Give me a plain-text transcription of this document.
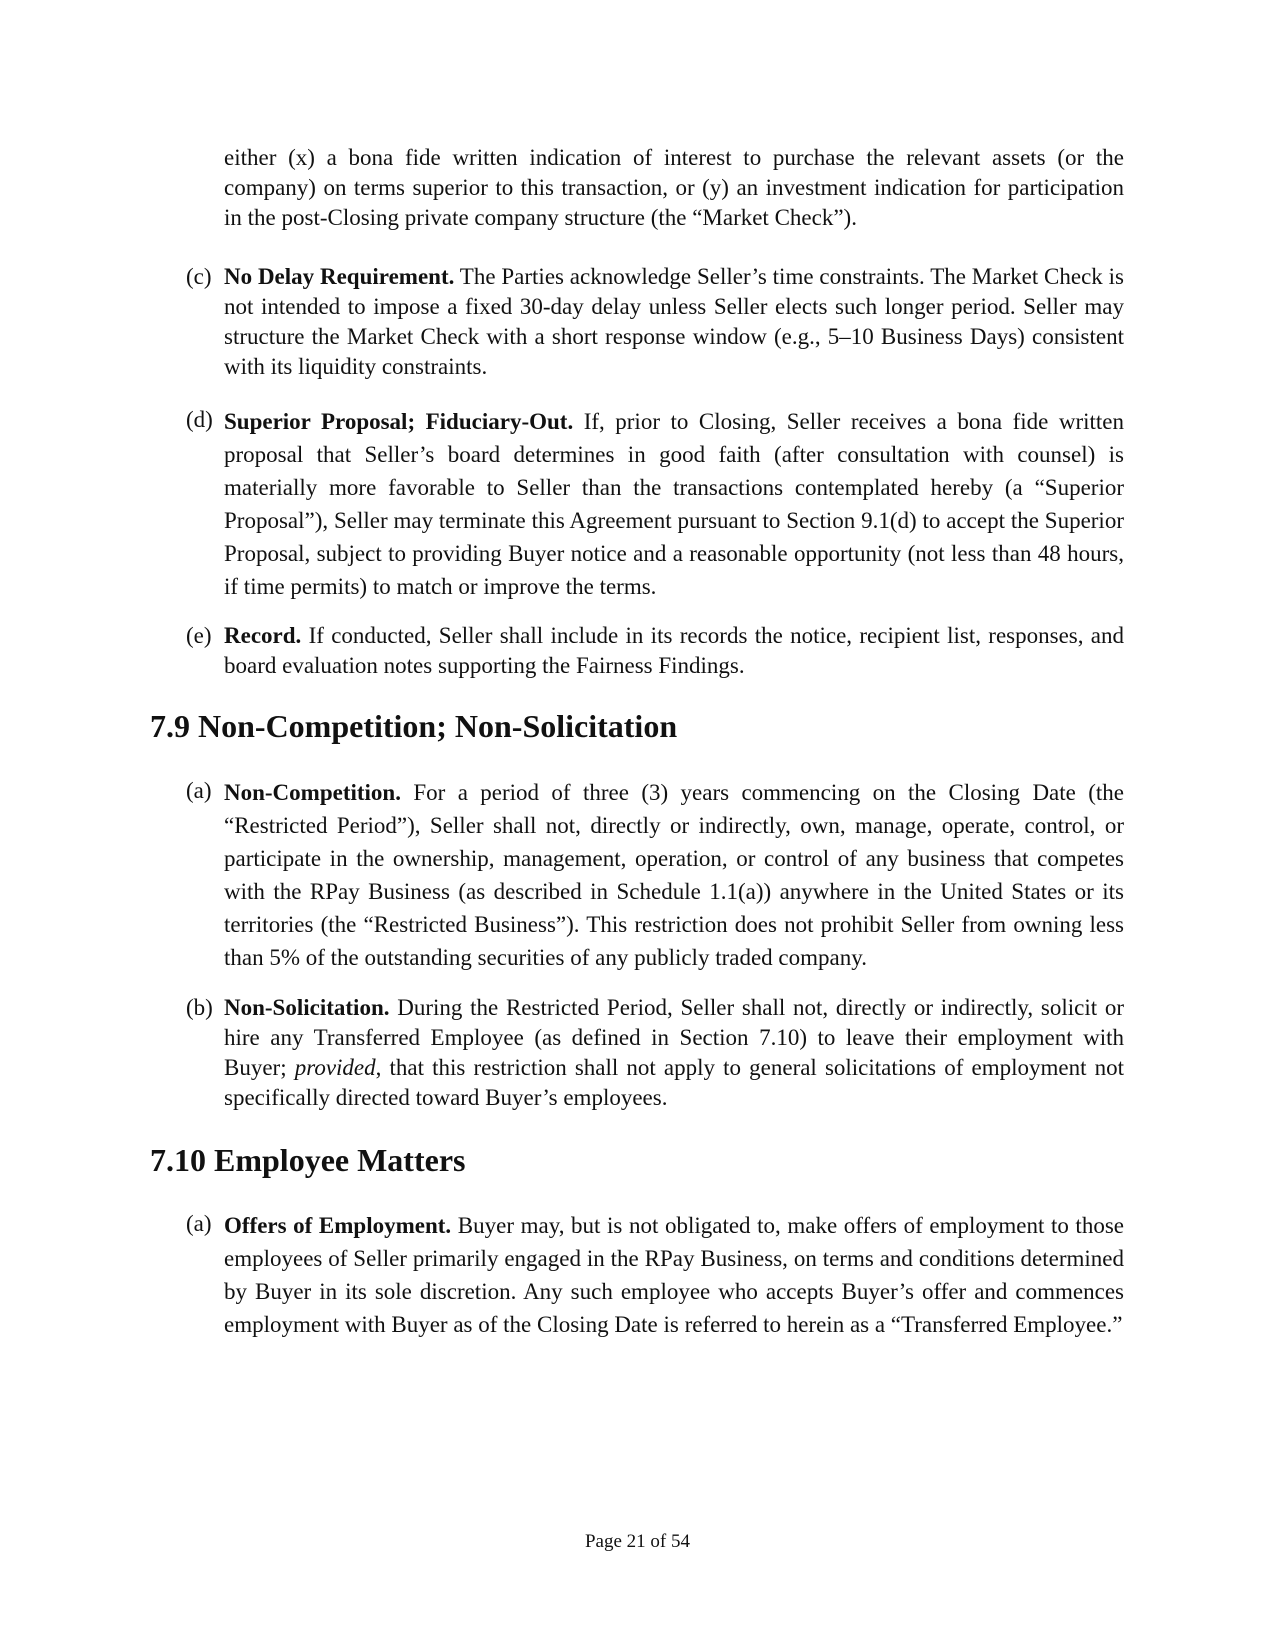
either (x) a bona fide written indication of interest to purchase the relevant assets (or the company) on terms superior to this transaction, or (y) an investment indication for participation in the post-Closing private company structure (the “Market Check”).

(c) No Delay Requirement. The Parties acknowledge Seller’s time constraints. The Market Check is not intended to impose a fixed 30-day delay unless Seller elects such longer period. Seller may structure the Market Check with a short response window (e.g., 5–10 Business Days) consistent with its liquidity constraints.
(d) Superior Proposal; Fiduciary-Out. If, prior to Closing, Seller receives a bona fide written proposal that Seller’s board determines in good faith (after consultation with counsel) is materially more favorable to Seller than the transactions contemplated hereby (a “Superior Proposal”), Seller may terminate this Agreement pursuant to Section 9.1(d) to accept the Superior Proposal, subject to providing Buyer notice and a reasonable opportunity (not less than 48 hours, if time permits) to match or improve the terms.
(e) Record. If conducted, Seller shall include in its records the notice, recipient list, responses, and board evaluation notes supporting the Fairness Findings.
7.9 Non-Competition; Non-Solicitation
(a) Non-Competition. For a period of three (3) years commencing on the Closing Date (the “Restricted Period”), Seller shall not, directly or indirectly, own, manage, operate, control, or participate in the ownership, management, operation, or control of any business that competes with the RPay Business (as described in Schedule 1.1(a)) anywhere in the United States or its territories (the “Restricted Business”). This restriction does not prohibit Seller from owning less than 5% of the outstanding securities of any publicly traded company.
(b) Non-Solicitation. During the Restricted Period, Seller shall not, directly or indirectly, solicit or hire any Transferred Employee (as defined in Section 7.10) to leave their employment with Buyer; provided, that this restriction shall not apply to general solicitations of employment not specifically directed toward Buyer’s employees.
7.10 Employee Matters
(a) Offers of Employment. Buyer may, but is not obligated to, make offers of employment to those employees of Seller primarily engaged in the RPay Business, on terms and conditions determined by Buyer in its sole discretion. Any such employee who accepts Buyer’s offer and commences employment with Buyer as of the Closing Date is referred to herein as a “Transferred Employee.”
Page 21 of 54
